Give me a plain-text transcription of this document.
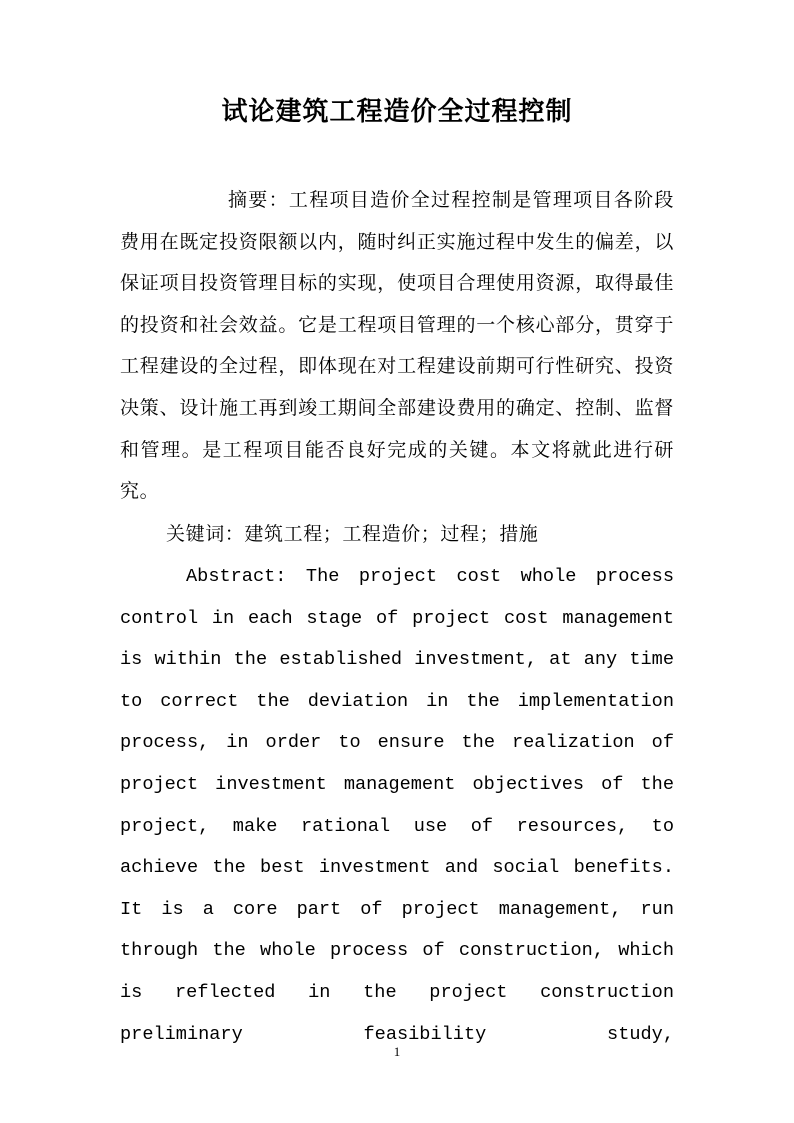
试论建筑工程造价全过程控制
摘要：工程项目造价全过程控制是管理项目各阶段费用在既定投资限额以内，随时纠正实施过程中发生的偏差，以保证项目投资管理目标的实现，使项目合理使用资源，取得最佳的投资和社会效益。它是工程项目管理的一个核心部分，贯穿于工程建设的全过程，即体现在对工程建设前期可行性研究、投资决策、设计施工再到竣工期间全部建设费用的确定、控制、监督和管理。是工程项目能否良好完成的关键。本文将就此进行研究。
关键词：建筑工程；工程造价；过程；措施
Abstract: The project cost whole process control in each stage of project cost management is within the established investment, at any time to correct the deviation in the implementation process, in order to ensure the realization of project investment management objectives of the project, make rational use of resources, to achieve the best investment and social benefits. It is a core part of project management, run through the whole process of construction, which is reflected in the project construction preliminary feasibility study,
1
